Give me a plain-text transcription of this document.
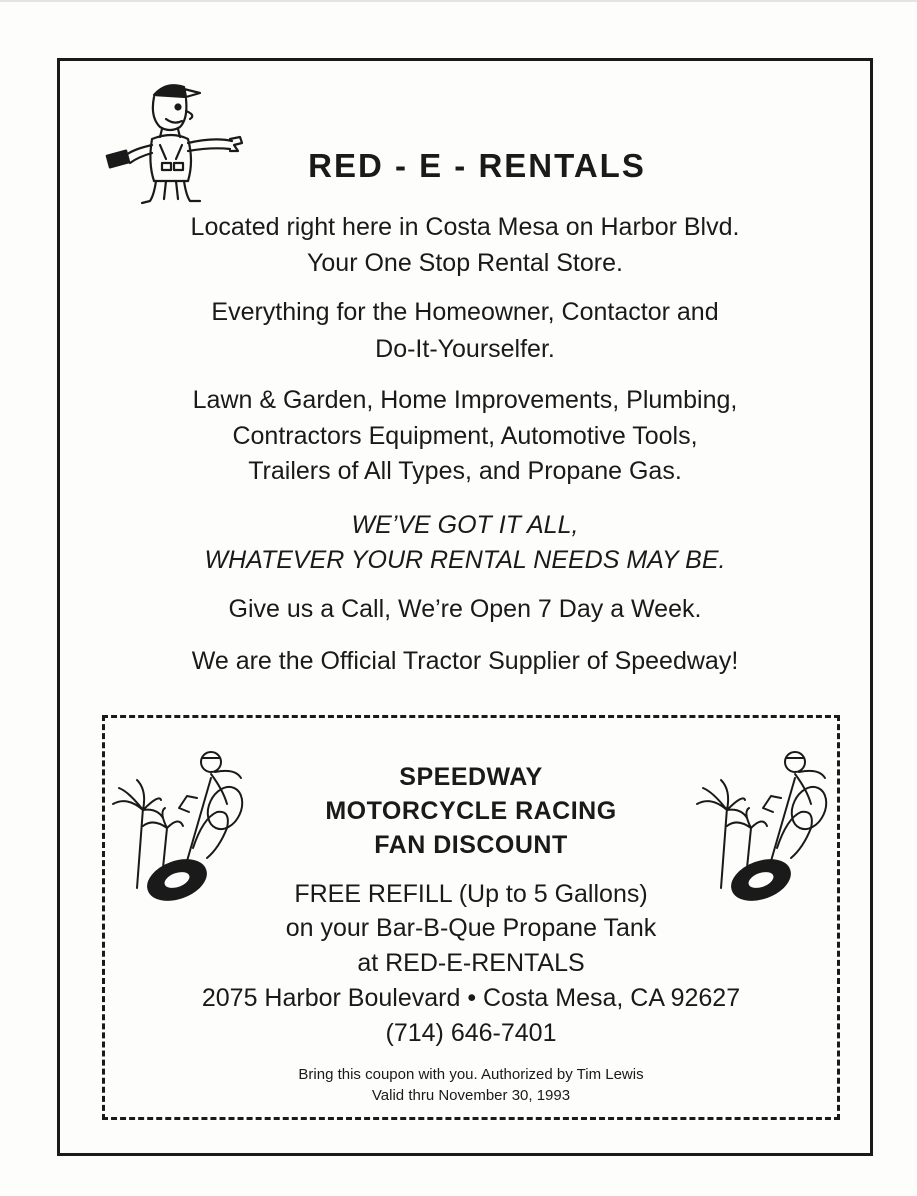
RED - E - RENTALS
Located right here in Costa Mesa on Harbor Blvd.
Your One Stop Rental Store.
Everything for the Homeowner, Contactor and
Do-It-Yourselfer.
Lawn & Garden, Home Improvements, Plumbing,
Contractors Equipment, Automotive Tools,
Trailers of All Types, and Propane Gas.
WE’VE GOT IT ALL,
WHATEVER YOUR RENTAL NEEDS MAY BE.
Give us a Call, We’re Open 7 Day a Week.
We are the Official Tractor Supplier of Speedway!
SPEEDWAY
MOTORCYCLE RACING
FAN DISCOUNT
FREE REFILL (Up to 5 Gallons)
on your Bar-B-Que Propane Tank
at RED-E-RENTALS
2075 Harbor Boulevard • Costa Mesa, CA 92627
(714) 646-7401
Bring this coupon with you. Authorized by Tim Lewis
Valid thru November 30, 1993
